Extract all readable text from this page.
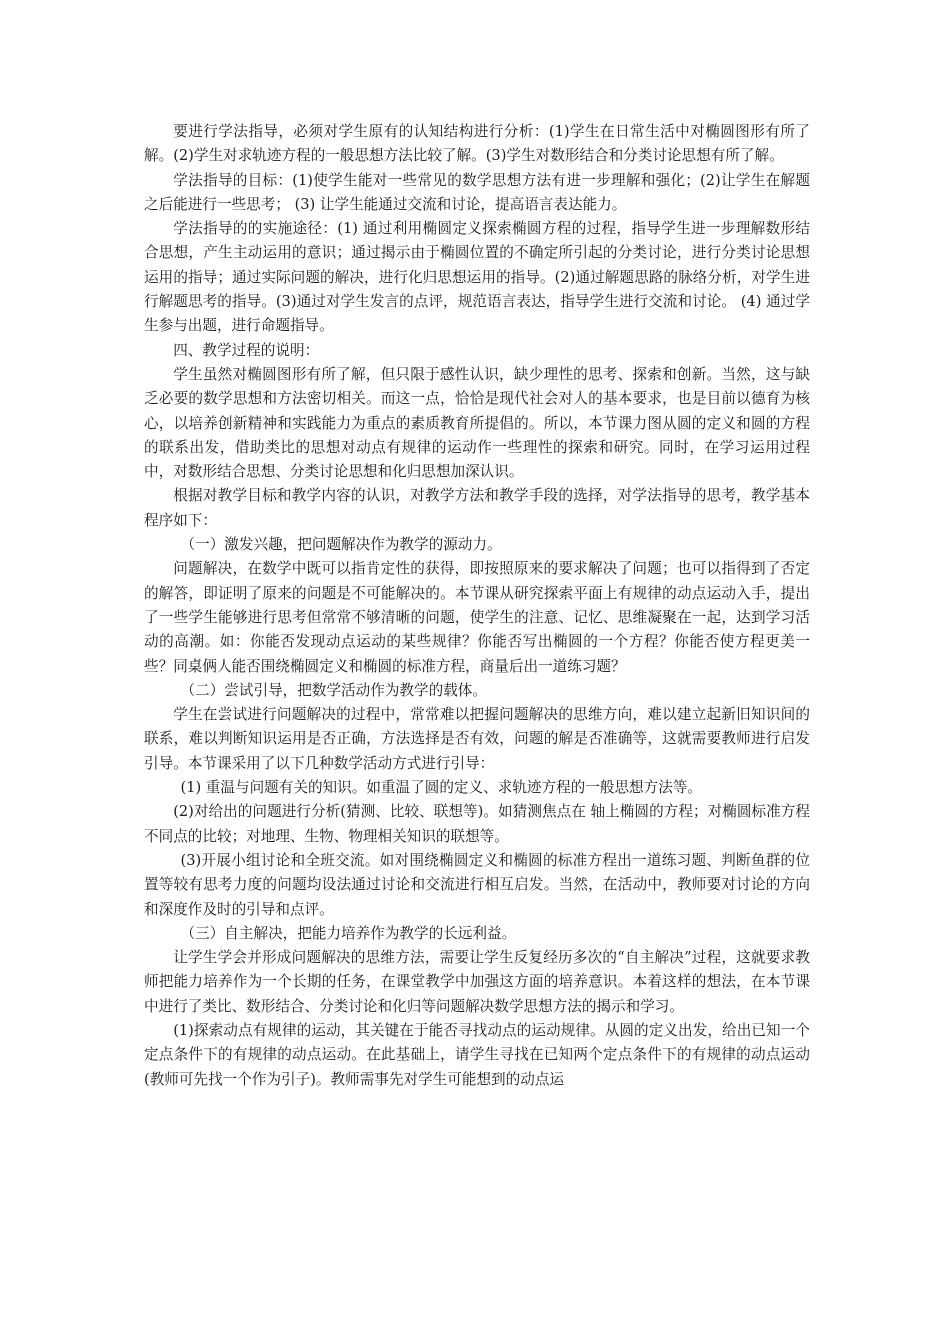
要进行学法指导，必须对学生原有的认知结构进行分析：(1)学生在日常生活中对椭圆图形有所了解。(2)学生对求轨迹方程的一般思想方法比较了解。(3)学生对数形结合和分类讨论思想有所了解。

学法指导的目标：(1)使学生能对一些常见的数学思想方法有进一步理解和强化；(2)让学生在解题之后能进行一些思考； (3) 让学生能通过交流和讨论，提高语言表达能力。

学法指导的的实施途径：(1) 通过利用椭圆定义探索椭圆方程的过程，指导学生进一步理解数形结合思想，产生主动运用的意识；通过揭示由于椭圆位置的不确定所引起的分类讨论，进行分类讨论思想运用的指导；通过实际问题的解决，进行化归思想运用的指导。(2)通过解题思路的脉络分析，对学生进行解题思考的指导。(3)通过对学生发言的点评，规范语言表达，指导学生进行交流和讨论。 (4) 通过学生参与出题，进行命题指导。

四、教学过程的说明：

学生虽然对椭圆图形有所了解，但只限于感性认识，缺少理性的思考、探索和创新。当然，这与缺乏必要的数学思想和方法密切相关。而这一点，恰恰是现代社会对人的基本要求，也是目前以德育为核心，以培养创新精神和实践能力为重点的素质教育所提倡的。所以，本节课力图从圆的定义和圆的方程的联系出发，借助类比的思想对动点有规律的运动作一些理性的探索和研究。同时，在学习运用过程中，对数形结合思想、分类讨论思想和化归思想加深认识。

根据对教学目标和教学内容的认识，对教学方法和教学手段的选择，对学法指导的思考，教学基本程序如下：

（一）激发兴趣，把问题解决作为教学的源动力。

问题解决，在数学中既可以指肯定性的获得，即按照原来的要求解决了问题；也可以指得到了否定的解答，即证明了原来的问题是不可能解决的。本节课从研究探索平面上有规律的动点运动入手，提出了一些学生能够进行思考但常常不够清晰的问题，使学生的注意、记忆、思维凝聚在一起，达到学习活动的高潮。如：你能否发现动点运动的某些规律？你能否写出椭圆的一个方程？你能否使方程更美一些？同桌俩人能否围绕椭圆定义和椭圆的标准方程，商量后出一道练习题？

（二）尝试引导，把数学活动作为教学的载体。

学生在尝试进行问题解决的过程中，常常难以把握问题解决的思维方向，难以建立起新旧知识间的联系，难以判断知识运用是否正确，方法选择是否有效，问题的解是否准确等，这就需要教师进行启发引导。本节课采用了以下几种数学活动方式进行引导：

(1) 重温与问题有关的知识。如重温了圆的定义、求轨迹方程的一般思想方法等。

(2)对给出的问题进行分析(猜测、比较、联想等)。如猜测焦点在 轴上椭圆的方程；对椭圆标准方程不同点的比较；对地理、生物、物理相关知识的联想等。

(3)开展小组讨论和全班交流。如对围绕椭圆定义和椭圆的标准方程出一道练习题、判断鱼群的位置等较有思考力度的问题均设法通过讨论和交流进行相互启发。当然，在活动中，教师要对讨论的方向和深度作及时的引导和点评。

（三）自主解决，把能力培养作为教学的长远利益。

让学生学会并形成问题解决的思维方法，需要让学生反复经历多次的“自主解决”过程，这就要求教师把能力培养作为一个长期的任务，在课堂教学中加强这方面的培养意识。本着这样的想法，在本节课中进行了类比、数形结合、分类讨论和化归等问题解决数学思想方法的揭示和学习。

(1)探索动点有规律的运动，其关键在于能否寻找动点的运动规律。从圆的定义出发，给出已知一个定点条件下的有规律的动点运动。在此基础上，请学生寻找在已知两个定点条件下的有规律的动点运动(教师可先找一个作为引子)。教师需事先对学生可能想到的动点运
